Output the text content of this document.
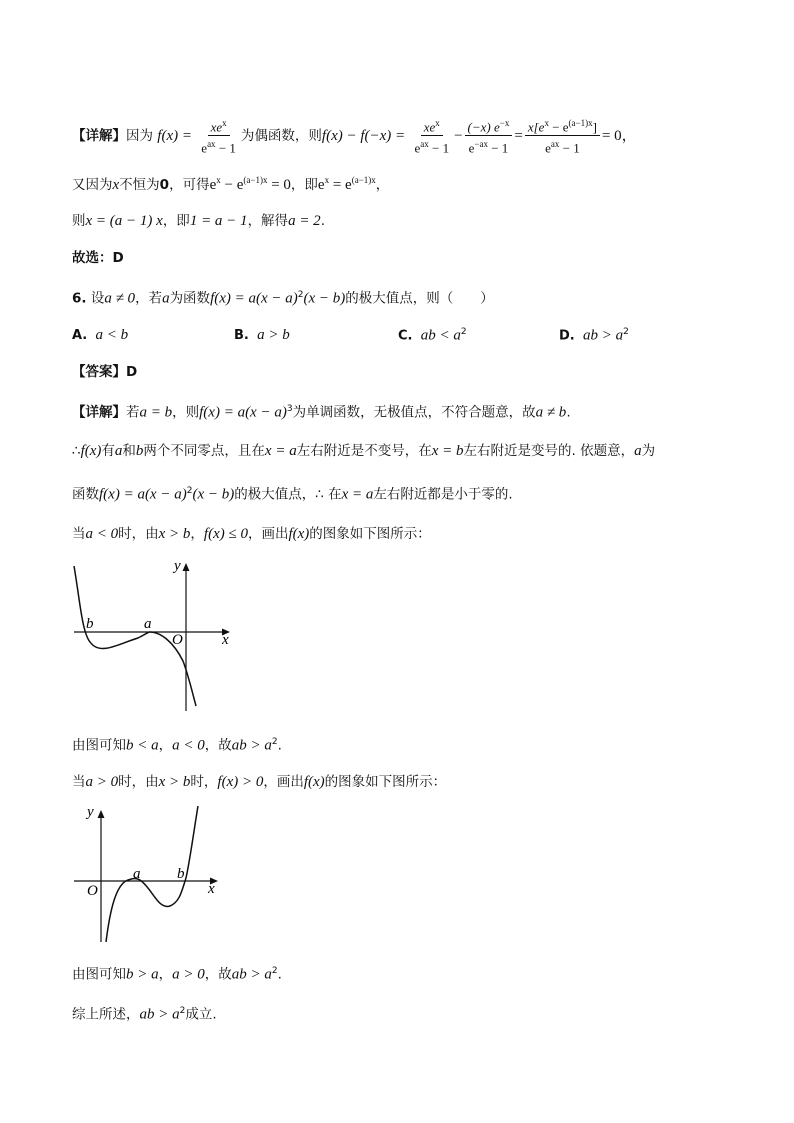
【详解】因为 $f(x) = \frac{xe^x}{e^{ax} - 1}$ 为偶函数，则$f(x) - f(-x) = \frac{xe^x}{e^{ax} - 1} - \frac{(-x) e^{-x}}{e^{-ax} - 1} = \frac{x[e^x - e^{(a-1)x}]}{e^{ax} - 1} = 0$，
又因为x不恒为0，可得$e^x - e^{(a-1)x} = 0$，即$e^x = e^{(a-1)x}$，
则x = (a − 1) x，即1 = a − 1，解得a = 2.
故选：D
6. 设a ≠ 0，若a为函数$f(x) = a(x - a)^2(x - b)$的极大值点，则（　　）
A. a < b	B. a > b	C. ab < $a^2$	D. ab > $a^2$
【答案】D
【详解】若a = b，则$f(x) = a(x - a)^3$为单调函数，无极值点，不符合题意，故a ≠ b.
∴f(x)有a和b两个不同零点，且在x = a左右附近是不变号，在x = b左右附近是变号的. 依题意，a为
函数$f(x) = a(x - a)^2(x - b)$的极大值点，∴ 在x = a左右附近都是小于零的.
当a < 0时，由x > b，f(x) ≤ 0，画出f(x)的图象如下图所示：
y
x
O
b	a
由图可知b < a，a < 0，故ab > $a^2$.
当a > 0时，由x > b时，f(x) > 0，画出f(x)的图象如下图所示：
y
x
O
a b
由图可知b > a，a > 0，故ab > $a^2$.
综上所述，ab > $a^2$成立.
